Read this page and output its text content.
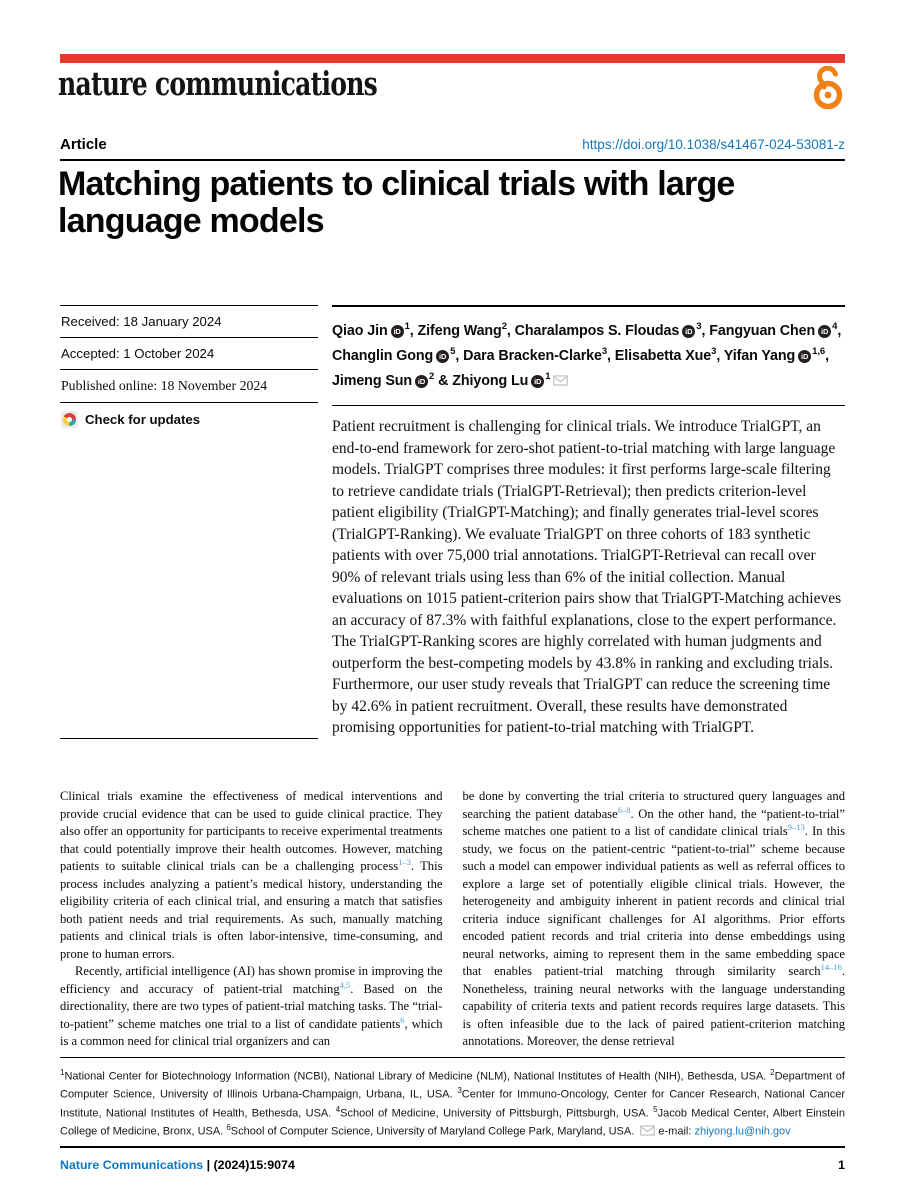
nature communications
Article	https://doi.org/10.1038/s41467-024-53081-z
Matching patients to clinical trials with large language models
Received: 18 January 2024
Accepted: 1 October 2024
Published online: 18 November 2024
Check for updates

Qiao Jin iD $^1$, Zifeng Wang$^2$, Charalampos S. Floudas iD $^3$, Fangyuan Chen iD $^4$, Changlin Gong iD $^5$, Dara Bracken-Clarke$^3$, Elisabetta Xue$^3$, Yifan Yang iD $^{1,6}$, Jimeng Sun iD $^2$ & Zhiyong Lu iD $^1$

Patient recruitment is challenging for clinical trials. We introduce TrialGPT, an end-to-end framework for zero-shot patient-to-trial matching with large language models. TrialGPT comprises three modules: it first performs large-scale filtering to retrieve candidate trials (TrialGPT-Retrieval); then predicts criterion-level patient eligibility (TrialGPT-Matching); and finally generates trial-level scores (TrialGPT-Ranking). We evaluate TrialGPT on three cohorts of 183 synthetic patients with over 75,000 trial annotations. TrialGPT-Retrieval can recall over 90% of relevant trials using less than 6% of the initial collection. Manual evaluations on 1015 patient-criterion pairs show that TrialGPT-Matching achieves an accuracy of 87.3% with faithful explanations, close to the expert performance. The TrialGPT-Ranking scores are highly correlated with human judgments and outperform the best-competing models by 43.8% in ranking and excluding trials. Furthermore, our user study reveals that TrialGPT can reduce the screening time by 42.6% in patient recruitment. Overall, these results have demonstrated promising opportunities for patient-to-trial matching with TrialGPT.

Clinical trials examine the effectiveness of medical interventions and provide crucial evidence that can be used to guide clinical practice. They also offer an opportunity for participants to receive experimental treatments that could potentially improve their health outcomes. However, matching patients to suitable clinical trials can be a challenging process$^{1-3}$. This process includes analyzing a patient’s medical history, understanding the eligibility criteria of each clinical trial, and ensuring a match that satisfies both patient needs and trial requirements. As such, manually matching patients and clinical trials is often labor-intensive, time-consuming, and prone to human errors.

Recently, artificial intelligence (AI) has shown promise in improving the efficiency and accuracy of patient-trial matching$^{4,5}$. Based on the directionality, there are two types of patient-trial matching tasks. The “trial-to-patient” scheme matches one trial to a list of candidate patients$^6$, which is a common need for clinical trial organizers and can

be done by converting the trial criteria to structured query languages and searching the patient database$^{6-8}$. On the other hand, the “patient-to-trial” scheme matches one patient to a list of candidate clinical trials$^{9-13}$. In this study, we focus on the patient-centric “patient-to-trial” scheme because such a model can empower individual patients as well as referral offices to explore a large set of potentially eligible clinical trials. However, the heterogeneity and ambiguity inherent in patient records and clinical trial criteria induce significant challenges for AI algorithms. Prior efforts encoded patient records and trial criteria into dense embeddings using neural networks, aiming to represent them in the same embedding space that enables patient-trial matching through similarity search$^{14-16}$. Nonetheless, training neural networks with the language understanding capability of criteria texts and patient records requires large datasets. This is often infeasible due to the lack of paired patient-criterion matching annotations. Moreover, the dense retrieval

$^1$National Center for Biotechnology Information (NCBI), National Library of Medicine (NLM), National Institutes of Health (NIH), Bethesda, USA. $^2$Department of Computer Science, University of Illinois Urbana-Champaign, Urbana, IL, USA. $^3$Center for Immuno-Oncology, Center for Cancer Research, National Cancer Institute, National Institutes of Health, Bethesda, USA. $^4$School of Medicine, University of Pittsburgh, Pittsburgh, USA. $^5$Jacob Medical Center, Albert Einstein College of Medicine, Bronx, USA. $^6$School of Computer Science, University of Maryland College Park, Maryland, USA.  e-mail: zhiyong.lu@nih.gov
Nature Communications | (2024)15:9074	1
